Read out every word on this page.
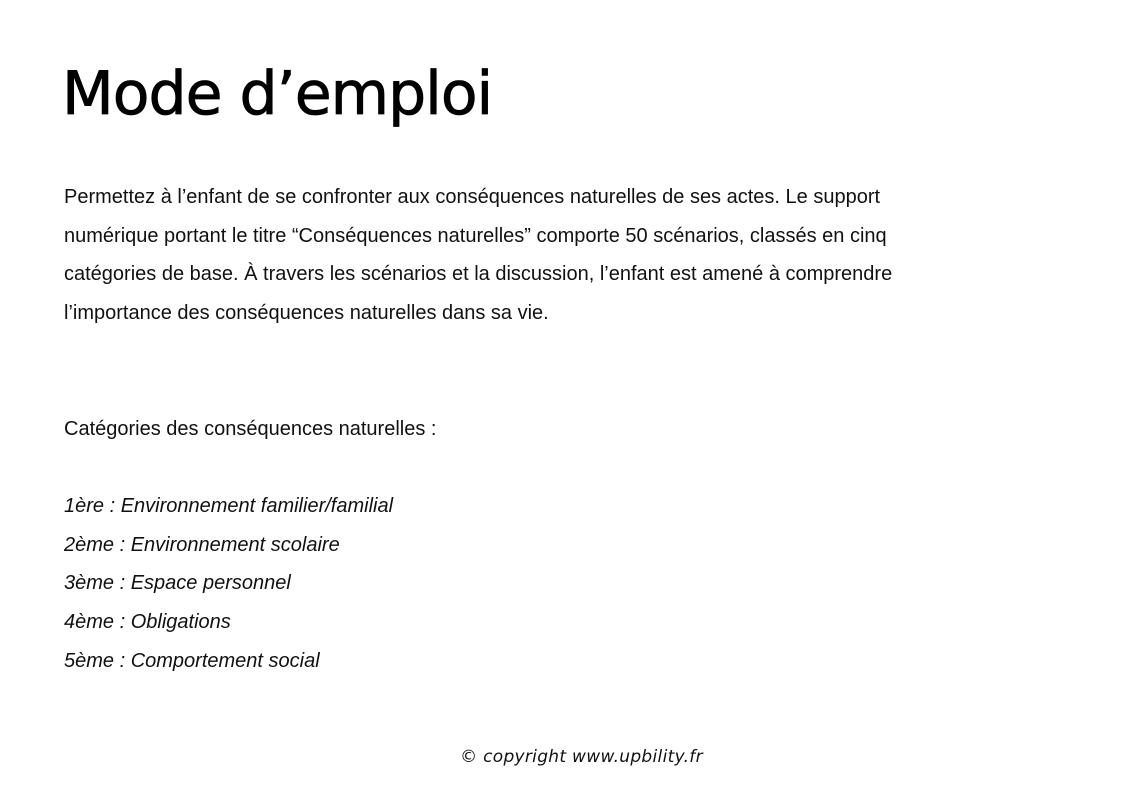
Mode d’emploi

Permettez à l’enfant de se confronter aux conséquences naturelles de ses actes. Le support numérique portant le titre “Conséquences naturelles” comporte 50 scénarios, classés en cinq catégories de base. À travers les scénarios et la discussion, l’enfant est amené à comprendre l’importance des conséquences naturelles dans sa vie.

Catégories des conséquences naturelles :

1ère : Environnement familier/familial
2ème : Environnement scolaire
3ème : Espace personnel
4ème : Obligations
5ème : Comportement social
© copyright www.upbility.fr
